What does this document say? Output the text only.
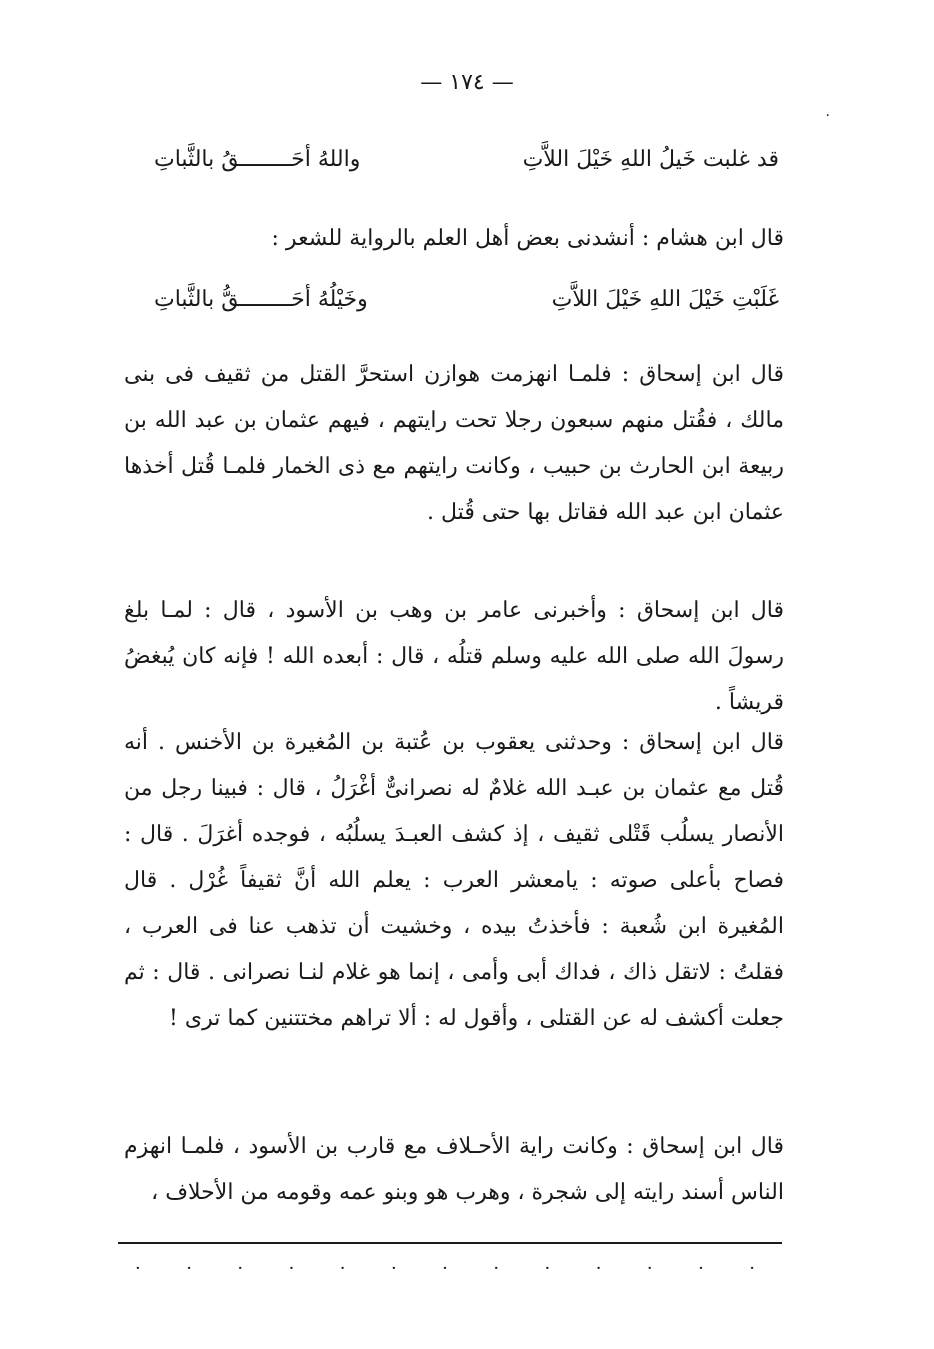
— ١٧٤ —
·
قد غلبت خَيلُ اللهِ خَيْلَ اللاَّتِ
واللهُ أحَــــــــقُ بالثَّباتِ
قال ابن هشام : أنشدنى بعض أهل العلم بالرواية للشعر :
غَلَبْتِ خَيْلَ اللهِ خَيْلَ اللاَّتِ
وخَيْلُهُ أحَــــــــقُّ بالثَّباتِ
قال ابن إسحاق : فلمـا انهزمت هوازن استحرَّ القتل من ثقيف فى بنى مالك ، فقُتل منهم سبعون رجلا تحت رايتهم ، فيهم عثمان بن عبد الله بن ربيعة ابن الحارث بن حبيب ، وكانت رايتهم مع ذى الخمار فلمـا قُتل أخذها عثمان ابن عبد الله فقاتل بها حتى قُتل .
قال ابن إسحاق : وأخبرنى عامر بن وهب بن الأسود ، قال : لمـا بلغ رسولَ الله صلى الله عليه وسلم قتلُه ، قال : أبعده الله ! فإنه كان يُبغضُ قريشاً .
قال ابن إسحاق : وحدثنى يعقوب بن عُتبة بن المُغيرة بن الأخنس . أنه قُتل مع عثمان بن عبـد الله غلامٌ له نصرانىٌّ أغْرَلُ ، قال : فبينا رجل من الأنصار يسلُب قَتْلى ثقيف ، إذ كشف العبـدَ يسلُبُه ، فوجده أغرَلَ . قال : فصاح بأعلى صوته : يامعشر العرب : يعلم الله أنَّ ثقيفاً غُرْل . قال المُغيرة ابن شُعبة : فأخذتُ بيده ، وخشيت أن تذهب عنا فى العرب ، فقلتُ : لاتقل ذاك ، فداك أبى وأمى ، إنما هو غلام لنـا نصرانى . قال : ثم جعلت أكشف له عن القتلى ، وأقول له : ألا تراهم مختتنين كما ترى !
قال ابن إسحاق : وكانت راية الأحـلاف مع قارب بن الأسود ، فلمـا انهزم الناس أسند رايته إلى شجرة ، وهرب هو وبنو عمه وقومه من الأحلاف ،
·	·	·	·	·	·	·	·	·	·	·	·	·
